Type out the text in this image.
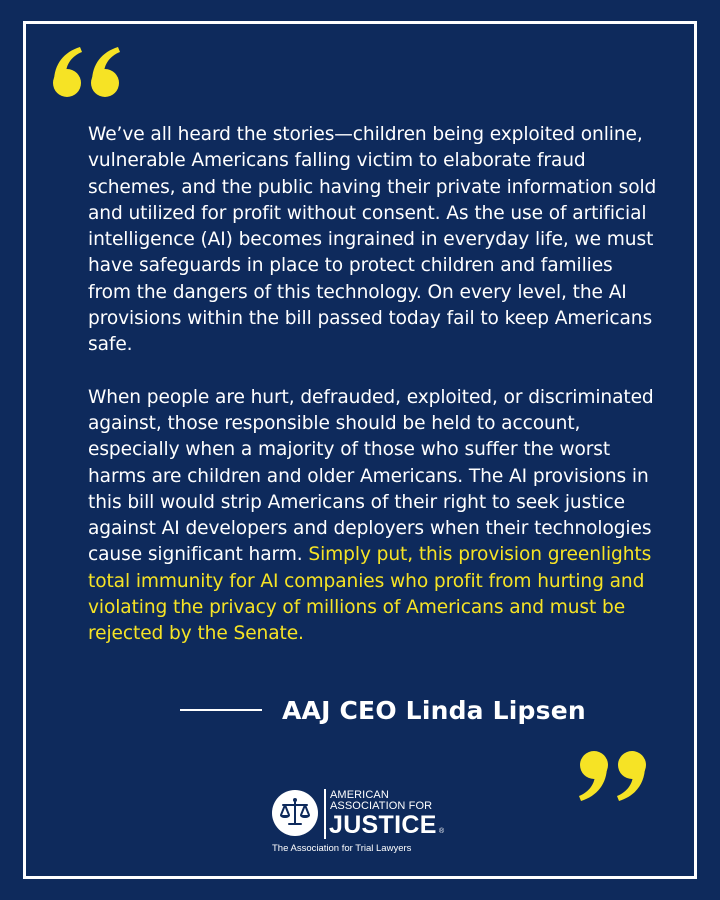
We’ve all heard the stories—children being exploited online, vulnerable Americans falling victim to elaborate fraud schemes, and the public having their private information sold and utilized for profit without consent. As the use of artificial intelligence (AI) becomes ingrained in everyday life, we must have safeguards in place to protect children and families from the dangers of this technology. On every level, the AI provisions within the bill passed today fail to keep Americans safe.

When people are hurt, defrauded, exploited, or discriminated against, those responsible should be held to account, especially when a majority of those who suffer the worst harms are children and older Americans. The AI provisions in this bill would strip Americans of their right to seek justice against AI developers and deployers when their technologies cause significant harm. Simply put, this provision greenlights total immunity for AI companies who profit from hurting and violating the privacy of millions of Americans and must be rejected by the Senate.

AAJ CEO Linda Lipsen
AMERICAN
ASSOCIATION FOR
JUSTICE ®
The Association for Trial Lawyers
